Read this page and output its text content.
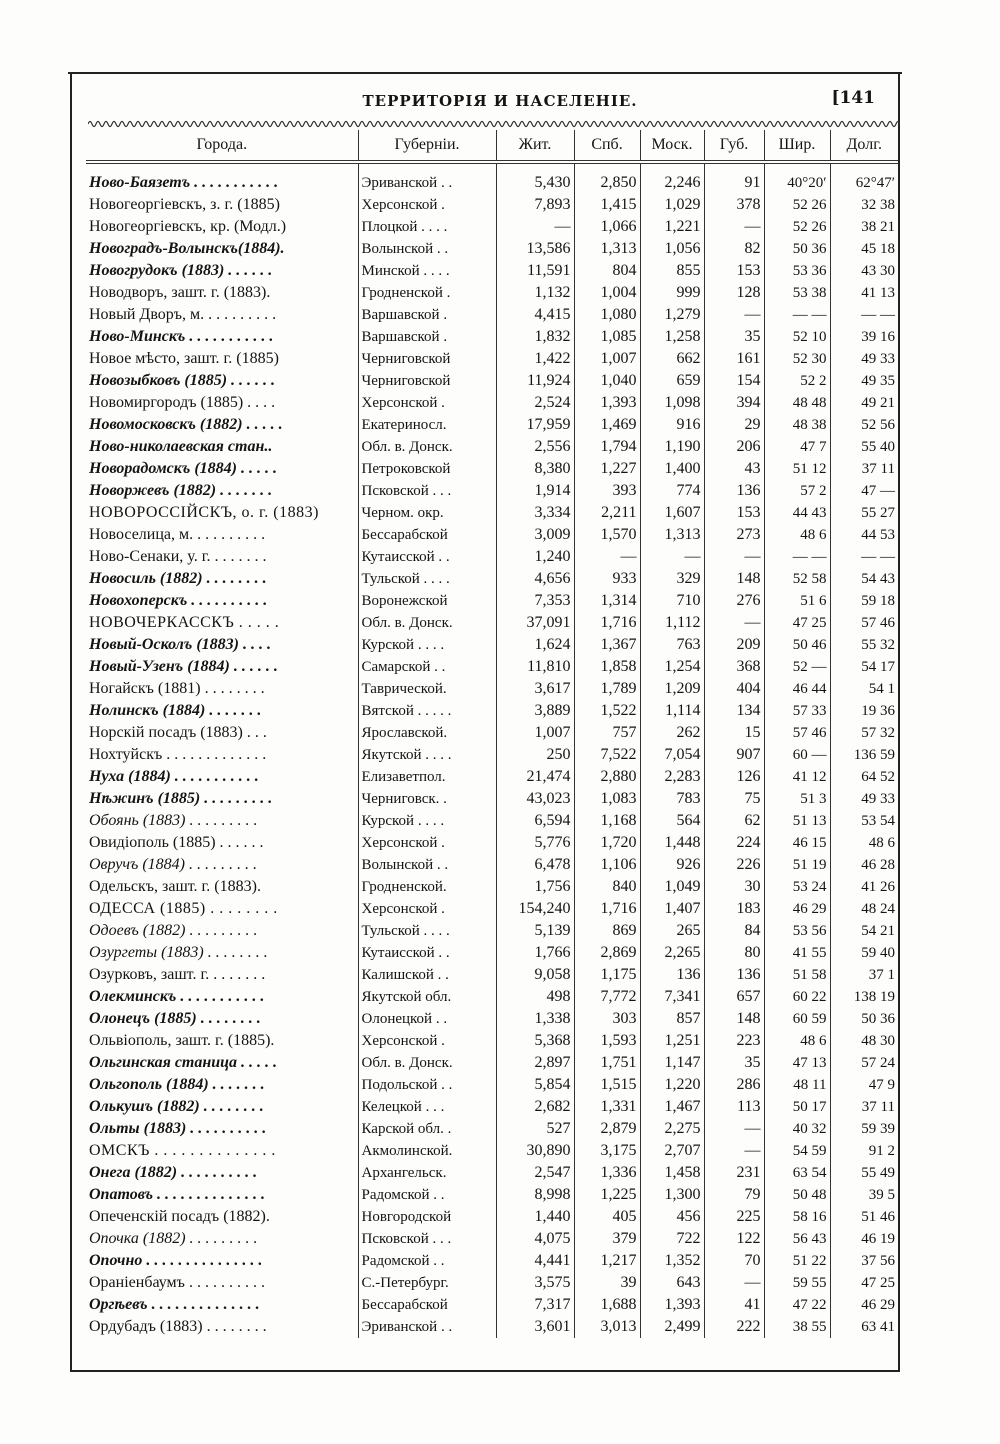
ТЕРРИТОРІЯ И НАСЕЛЕНІЕ.	[141
Города.	Губерніи.	Жит.	Спб.	Моск.	Губ.	Шир.	Долг.
Ново-Баязетъ . . . . . . . . . . .	Эриванской . .	5,430	2,850	2,246	91	40°20′	62°47′
Новогеоргіевскъ, з. г. (1885)	Херсонской .	7,893	1,415	1,029	378	52 26	32 38
Новогеоргіевскъ, кр. (Модл.)	Плоцкой . . . .	—	1,066	1,221	—	52 26	38 21
Новоградъ-Волынскъ(1884).	Волынской . .	13,586	1,313	1,056	82	50 36	45 18
Новогрудокъ (1883) . . . . . .	Минской . . . .	11,591	804	855	153	53 36	43 30
Новодворъ, зашт. г. (1883).	Гродненской .	1,132	1,004	999	128	53 38	41 13
Новый Дворъ, м. . . . . . . . . .	Варшавской .	4,415	1,080	1,279	—	— —	— —
Ново-Минскъ . . . . . . . . . . .	Варшавской .	1,832	1,085	1,258	35	52 10	39 16
Новое мѣсто, зашт. г. (1885)	Черниговской	1,422	1,007	662	161	52 30	49 33
Новозыбковъ (1885) . . . . . .	Черниговской	11,924	1,040	659	154	52 2	49 35
Новомиргородъ (1885) . . . .	Херсонской .	2,524	1,393	1,098	394	48 48	49 21
Новомосковскъ (1882) . . . . .	Екатериносл.	17,959	1,469	916	29	48 38	52 56
Ново-николаевская стан..	Обл. в. Донск.	2,556	1,794	1,190	206	47 7	55 40
Новорадомскъ (1884) . . . . .	Петроковской	8,380	1,227	1,400	43	51 12	37 11
Новоржевъ (1882) . . . . . . .	Псковской . . .	1,914	393	774	136	57 2	47 —
НОВОРОССІЙСКЪ, о. г. (1883)	Черном. окр.	3,334	2,211	1,607	153	44 43	55 27
Новоселица, м. . . . . . . . . .	Бессарабской	3,009	1,570	1,313	273	48 6	44 53
Ново-Сенаки, у. г. . . . . . . .	Кутаисской . .	1,240	—	—	—	— —	— —
Новосиль (1882) . . . . . . . .	Тульской . . . .	4,656	933	329	148	52 58	54 43
Новохоперскъ . . . . . . . . . .	Воронежской	7,353	1,314	710	276	51 6	59 18
НОВОЧЕРКАССКЪ . . . . .	Обл. в. Донск.	37,091	1,716	1,112	—	47 25	57 46
Новый-Осколъ (1883) . . . .	Курской . . . .	1,624	1,367	763	209	50 46	55 32
Новый-Узенъ (1884) . . . . . .	Самарской . .	11,810	1,858	1,254	368	52 —	54 17
Ногайскъ (1881) . . . . . . . .	Таврической.	3,617	1,789	1,209	404	46 44	54 1
Нолинскъ (1884) . . . . . . .	Вятской . . . . .	3,889	1,522	1,114	134	57 33	19 36
Норскій посадъ (1883) . . .	Ярославской.	1,007	757	262	15	57 46	57 32
Нохтуйскъ . . . . . . . . . . . . .	Якутской . . . .	250	7,522	7,054	907	60 —	136 59
Нуха (1884) . . . . . . . . . . .	Елизаветпол.	21,474	2,880	2,283	126	41 12	64 52
Нѣжинъ (1885) . . . . . . . . .	Черниговск. .	43,023	1,083	783	75	51 3	49 33
Обоянь (1883) . . . . . . . . .	Курской . . . .	6,594	1,168	564	62	51 13	53 54
Овидіополь (1885) . . . . . .	Херсонской .	5,776	1,720	1,448	224	46 15	48 6
Овручъ (1884) . . . . . . . . .	Волынской . .	6,478	1,106	926	226	51 19	46 28
Одельскъ, зашт. г. (1883).	Гродненской.	1,756	840	1,049	30	53 24	41 26
ОДЕССА (1885) . . . . . . . .	Херсонской .	154,240	1,716	1,407	183	46 29	48 24
Одоевъ (1882) . . . . . . . . .	Тульской . . . .	5,139	869	265	84	53 56	54 21
Озургеты (1883) . . . . . . . .	Кутаисской . .	1,766	2,869	2,265	80	41 55	59 40
Озурковъ, зашт. г. . . . . . . .	Калишской . .	9,058	1,175	136	136	51 58	37 1
Олекминскъ . . . . . . . . . . .	Якутской обл.	498	7,772	7,341	657	60 22	138 19
Олонецъ (1885) . . . . . . . .	Олонецкой . .	1,338	303	857	148	60 59	50 36
Ольвіополь, зашт. г. (1885).	Херсонской .	5,368	1,593	1,251	223	48 6	48 30
Ольгинская станица . . . . .	Обл. в. Донск.	2,897	1,751	1,147	35	47 13	57 24
Ольгополь (1884) . . . . . . .	Подольской . .	5,854	1,515	1,220	286	48 11	47 9
Олькушъ (1882) . . . . . . . .	Келецкой . . .	2,682	1,331	1,467	113	50 17	37 11
Ольты (1883) . . . . . . . . . .	Карской обл. .	527	2,879	2,275	—	40 32	59 39
ОМСКЪ . . . . . . . . . . . . . .	Акмолинской.	30,890	3,175	2,707	—	54 59	91 2
Онега (1882) . . . . . . . . . .	Архангельск.	2,547	1,336	1,458	231	63 54	55 49
Опатовъ . . . . . . . . . . . . . .	Радомской . .	8,998	1,225	1,300	79	50 48	39 5
Опеченскій посадъ (1882).	Новгородской	1,440	405	456	225	58 16	51 46
Опочка (1882) . . . . . . . . .	Псковской . . .	4,075	379	722	122	56 43	46 19
Опочно . . . . . . . . . . . . . . .	Радомской . .	4,441	1,217	1,352	70	51 22	37 56
Ораніенбаумъ . . . . . . . . . .	С.-Петербург.	3,575	39	643	—	59 55	47 25
Оргѣевъ . . . . . . . . . . . . . .	Бессарабской	7,317	1,688	1,393	41	47 22	46 29
Ордубадъ (1883) . . . . . . . .	Эриванской . .	3,601	3,013	2,499	222	38 55	63 41
